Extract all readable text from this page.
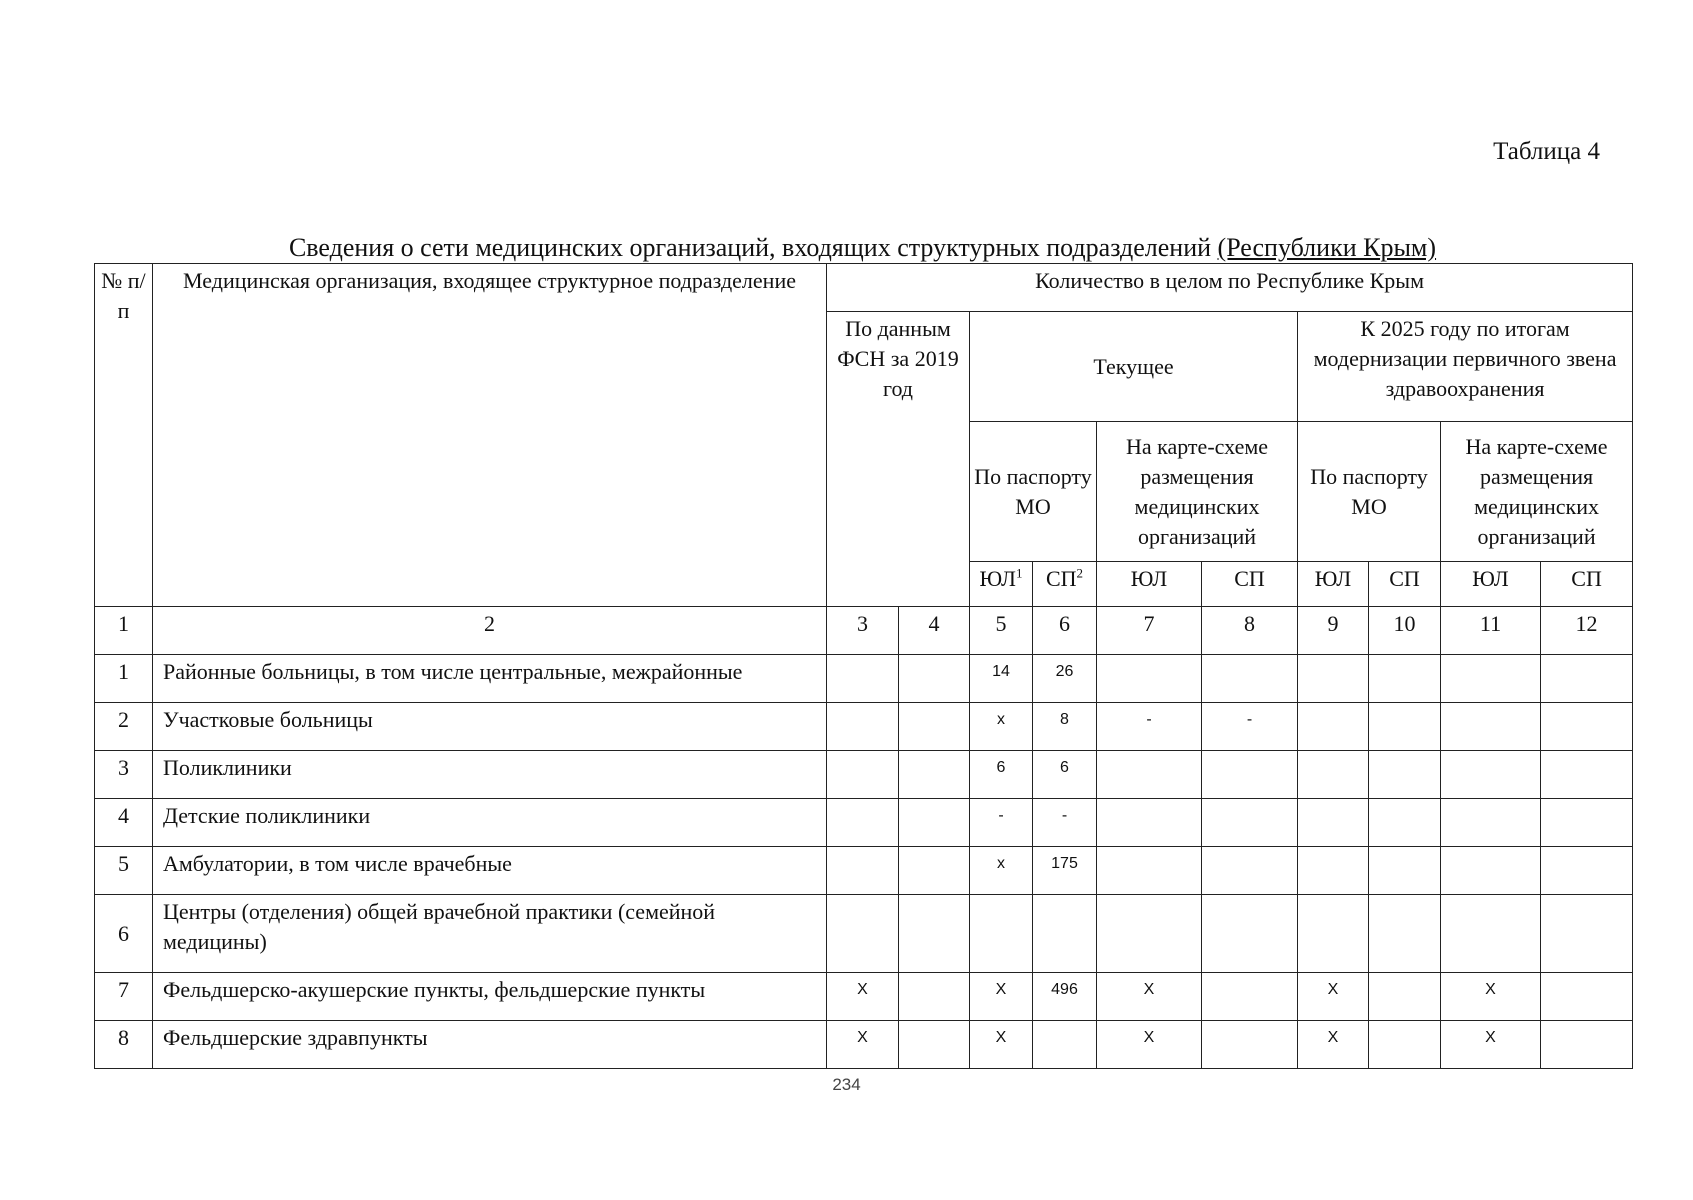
Таблица 4
Сведения о сети медицинских организаций, входящих структурных подразделений (Республики Крым)
№ п/п	Медицинская организация, входящее структурное подразделение	Количество в целом по Республике Крым										
		По данным ФСН за 2019 год		Текущее				К 2025 году по итогам модернизации первичного звена здравоохранения				
				По паспорту МО		На карте-схеме размещения медицинских организаций		По паспорту МО		На карте-схеме размещения медицинских организаций		
				$ЮЛ^1$	$СП^2$	ЮЛ	СП	ЮЛ	СП	ЮЛ	СП		

1	2	3	4	5	6	7	8	9	10	11	12	
1	Районные больницы, в том числе центральные, межрайонные			14	26							
2	Участковые больницы			x	8	-	-					
3	Поликлиники			6	6							
4	Детские поликлиники			-	-							
5	Амбулатории, в том числе врачебные			x	175							
6	Центры (отделения) общей врачебной практики (семейной медицины)											
7	Фельдшерско-акушерские пункты, фельдшерские пункты	X		X	496	X		X		X		
8	Фельдшерские здравпункты	X		X		X		X		X		
234
